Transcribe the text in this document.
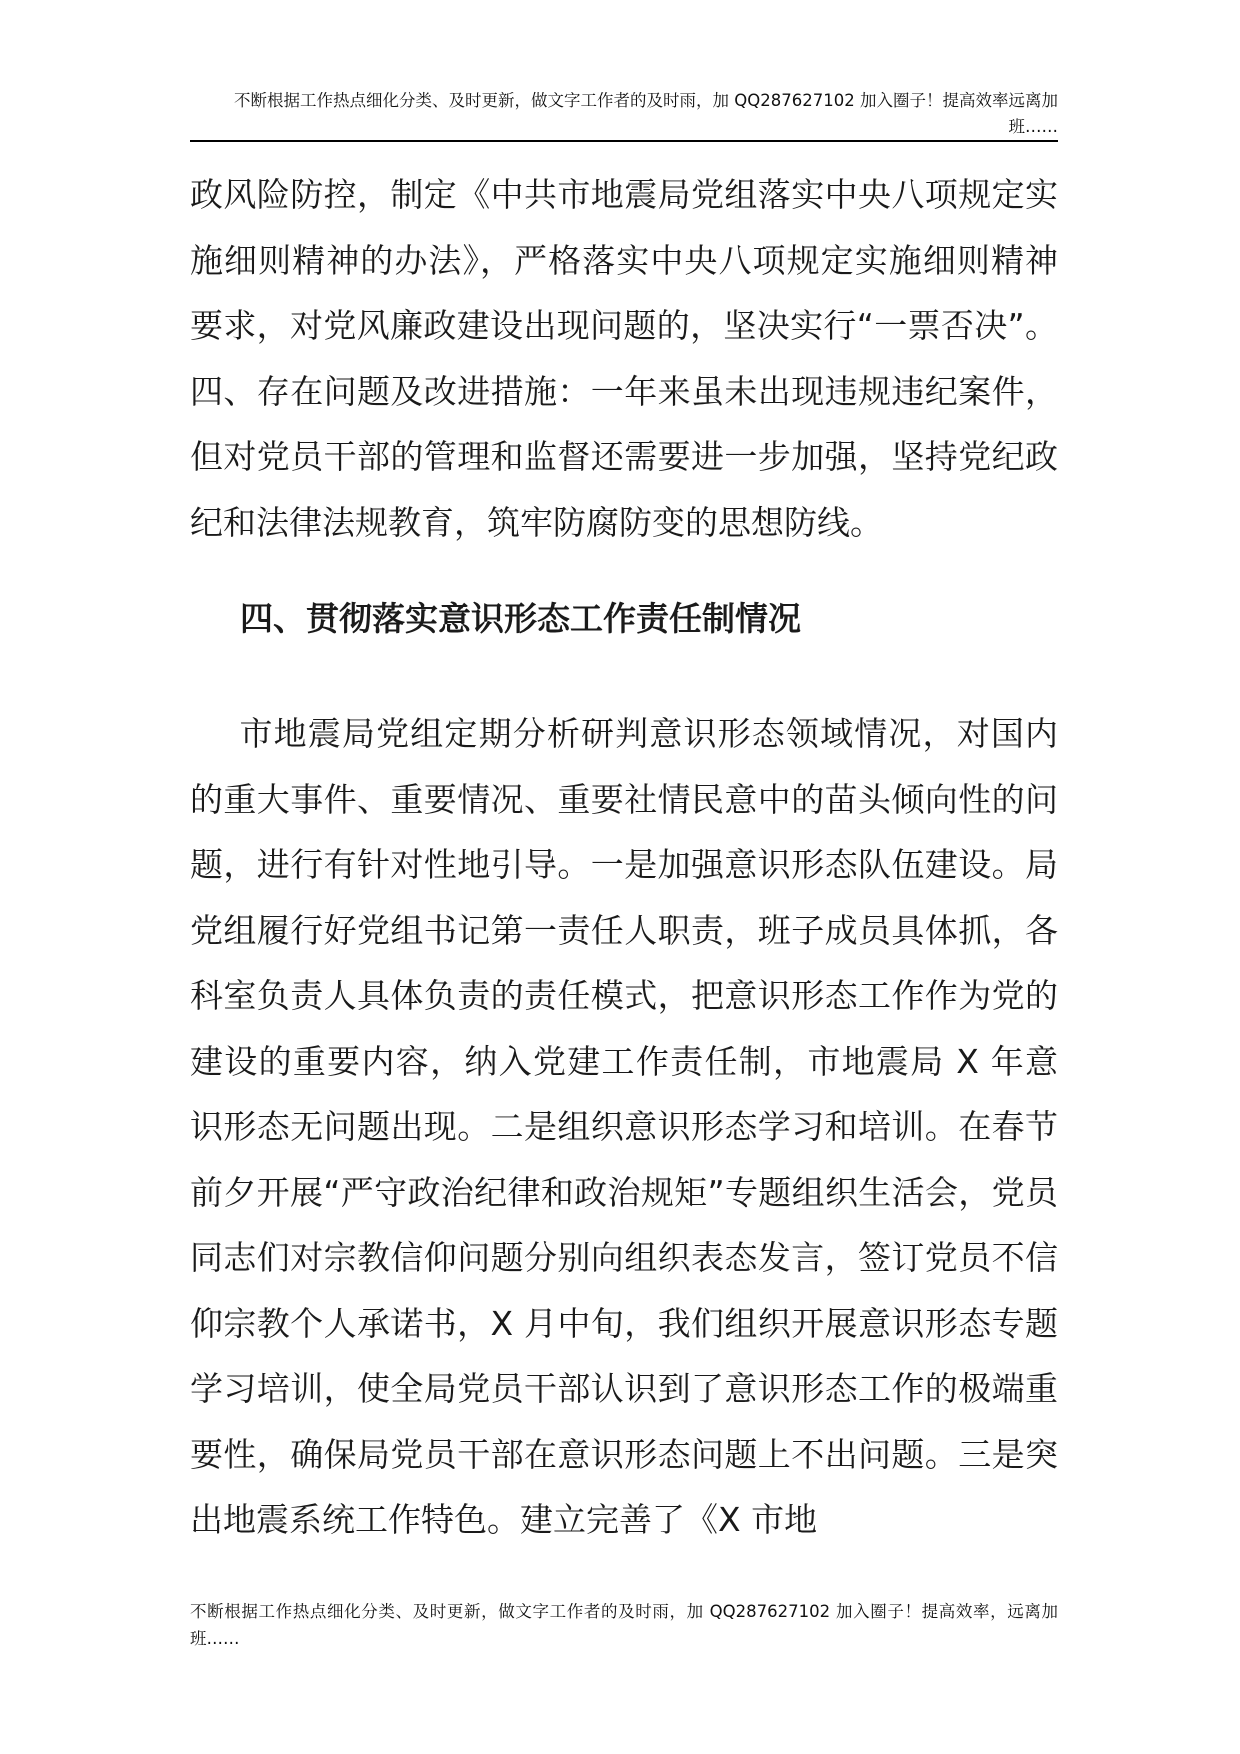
不断根据工作热点细化分类、及时更新，做文字工作者的及时雨，加 QQ287627102 加入圈子！提高效率远离加班……

政风险防控，制定《中共市地震局党组落实中央八项规定实施细则精神的办法》，严格落实中央八项规定实施细则精神要求，对党风廉政建设出现问题的，坚决实行“一票否决”。四、存在问题及改进措施：一年来虽未出现违规违纪案件，但对党员干部的管理和监督还需要进一步加强，坚持党纪政纪和法律法规教育，筑牢防腐防变的思想防线。

四、贯彻落实意识形态工作责任制情况

市地震局党组定期分析研判意识形态领域情况，对国内的重大事件、重要情况、重要社情民意中的苗头倾向性的问题，进行有针对性地引导。一是加强意识形态队伍建设。局党组履行好党组书记第一责任人职责，班子成员具体抓，各科室负责人具体负责的责任模式，把意识形态工作作为党的建设的重要内容，纳入党建工作责任制，市地震局 X 年意识形态无问题出现。二是组织意识形态学习和培训。在春节前夕开展“严守政治纪律和政治规矩”专题组织生活会，党员同志们对宗教信仰问题分别向组织表态发言，签订党员不信仰宗教个人承诺书，X 月中旬，我们组织开展意识形态专题学习培训，使全局党员干部认识到了意识形态工作的极端重要性，确保局党员干部在意识形态问题上不出问题。三是突出地震系统工作特色。建立完善了《X 市地

不断根据工作热点细化分类、及时更新，做文字工作者的及时雨，加 QQ287627102 加入圈子！提高效率，远离加班……
